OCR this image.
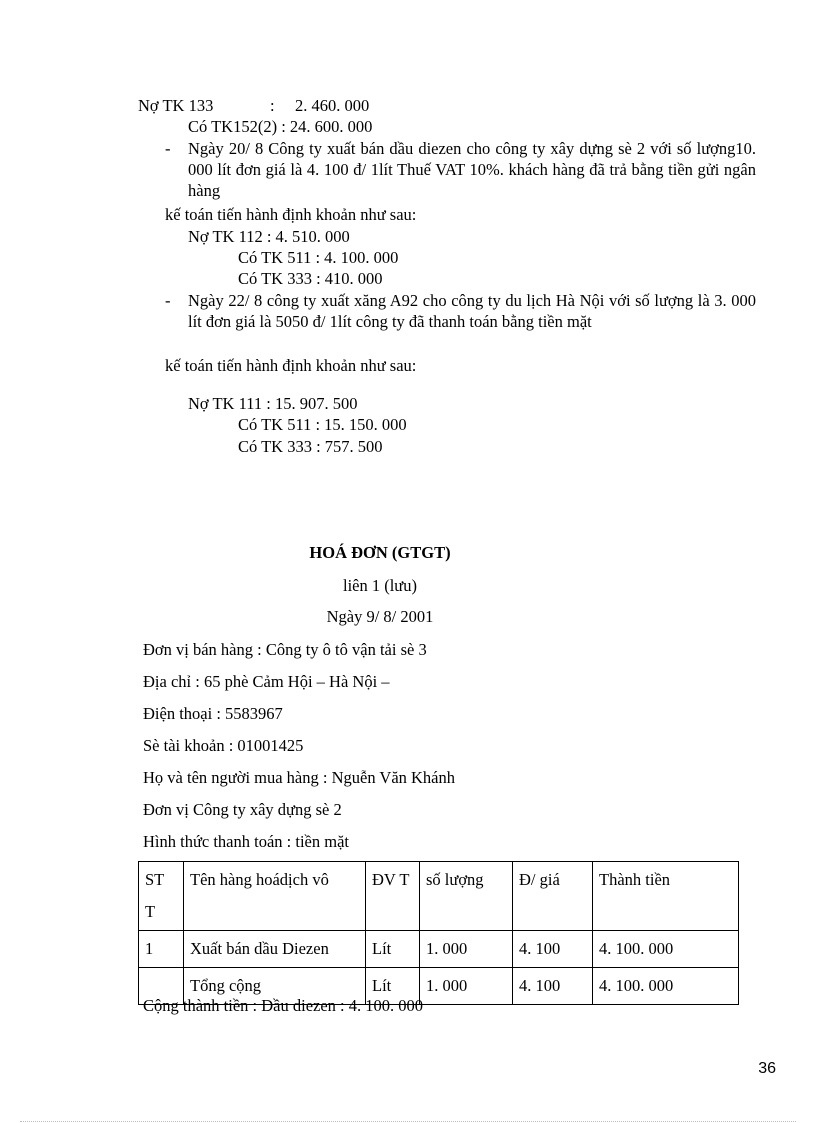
Nợ TK 133	: 2. 460. 000
Có TK152(2) : 24. 600. 000
- Ngày 20/ 8 Công ty xuất bán dầu diezen cho công ty xây dựng sè 2 với số lượng10. 000 lít đơn giá là 4. 100 đ/ 1lít Thuế VAT 10%. khách hàng đã trả bằng tiền gửi ngân hàng
kế toán tiến hành định khoản như sau:
Nợ TK 112 : 4. 510. 000
Có TK 511 : 4. 100. 000
Có TK 333 : 410. 000
- Ngày 22/ 8 công ty xuất xăng A92 cho công ty du lịch Hà Nội với số lượng là 3. 000 lít đơn giá là 5050 đ/ 1lít công ty đã thanh toán bằng tiền mặt
kế toán tiến hành định khoản như sau:
Nợ TK 111 : 15. 907. 500
Có TK 511 : 15. 150. 000
Có TK 333 : 757. 500
HOÁ ĐƠN (GTGT)
liên 1 (lưu)
Ngày 9/ 8/ 2001
Đơn vị bán hàng : Công ty ô tô vận tải sè 3
Địa chỉ : 65 phè Cảm Hội – Hà Nội –
Điện thoại : 5583967
Sè tài khoản : 01001425
Họ và tên người mua hàng : Nguễn Văn Khánh
Đơn vị Công ty xây dựng sè 2
Hình thức thanh toán : tiền mặt
ST T	Tên hàng hoádịch vô	ĐV T	số lượng	Đ/ giá	Thành tiền
1	Xuất bán dầu Diezen	Lít	1. 000	4. 100	4. 100. 000
	Tổng cộng	Lít	1. 000	4. 100	4. 100. 000
Cộng thành tiền : Dầu diezen : 4. 100. 000
36
